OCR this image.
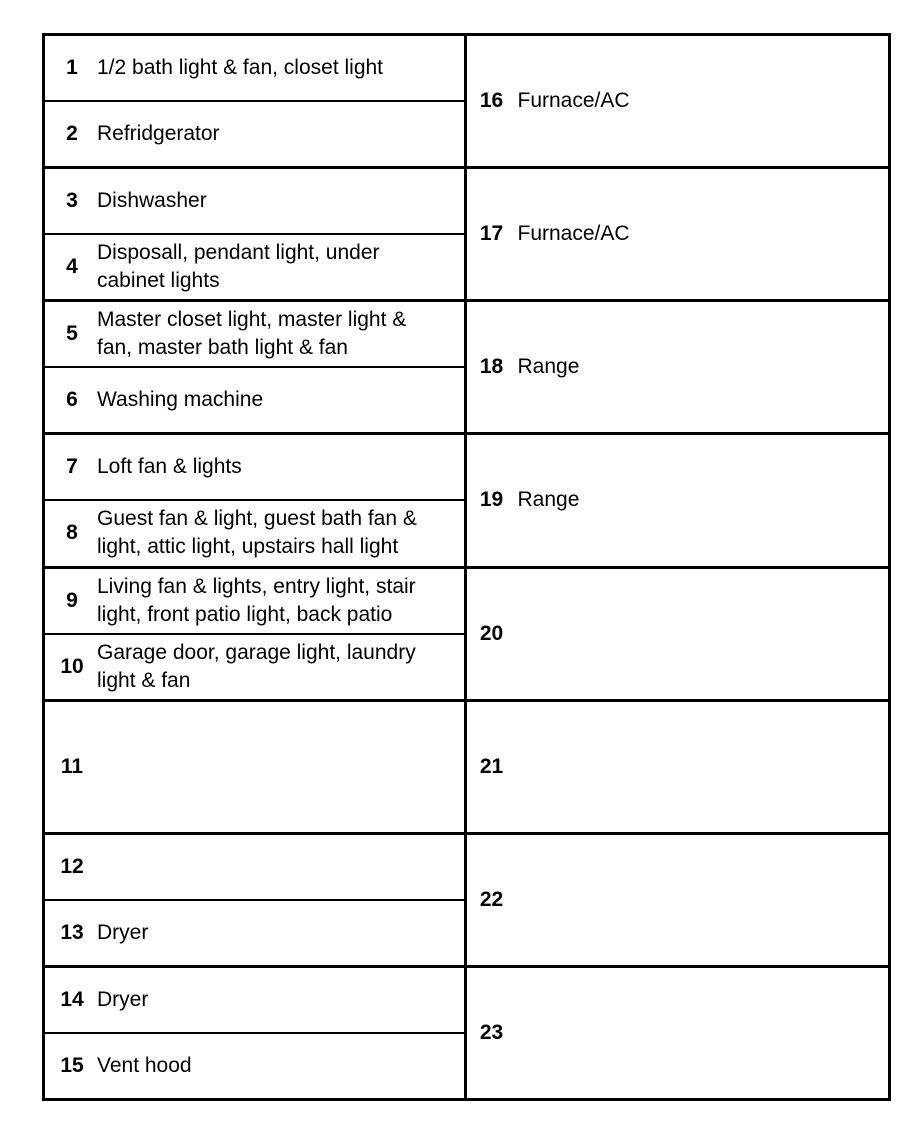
1 1/2 bath light & fan, closet light
2 Refridgerator
16 Furnace/AC
3 Dishwasher
4
Disposall, pendant light, under cabinet lights
17 Furnace/AC
5
Master closet light, master light & fan, master bath light & fan
6 Washing machine
18 Range
7 Loft fan & lights
8
Guest fan & light, guest bath fan & light, attic light, upstairs hall light
19 Range
9
Living fan & lights, entry light, stair light, front patio light, back patio
10
Garage door, garage light, laundry light & fan
20
11	21
12
13 Dryer
22
14 Dryer
15 Vent hood
23
